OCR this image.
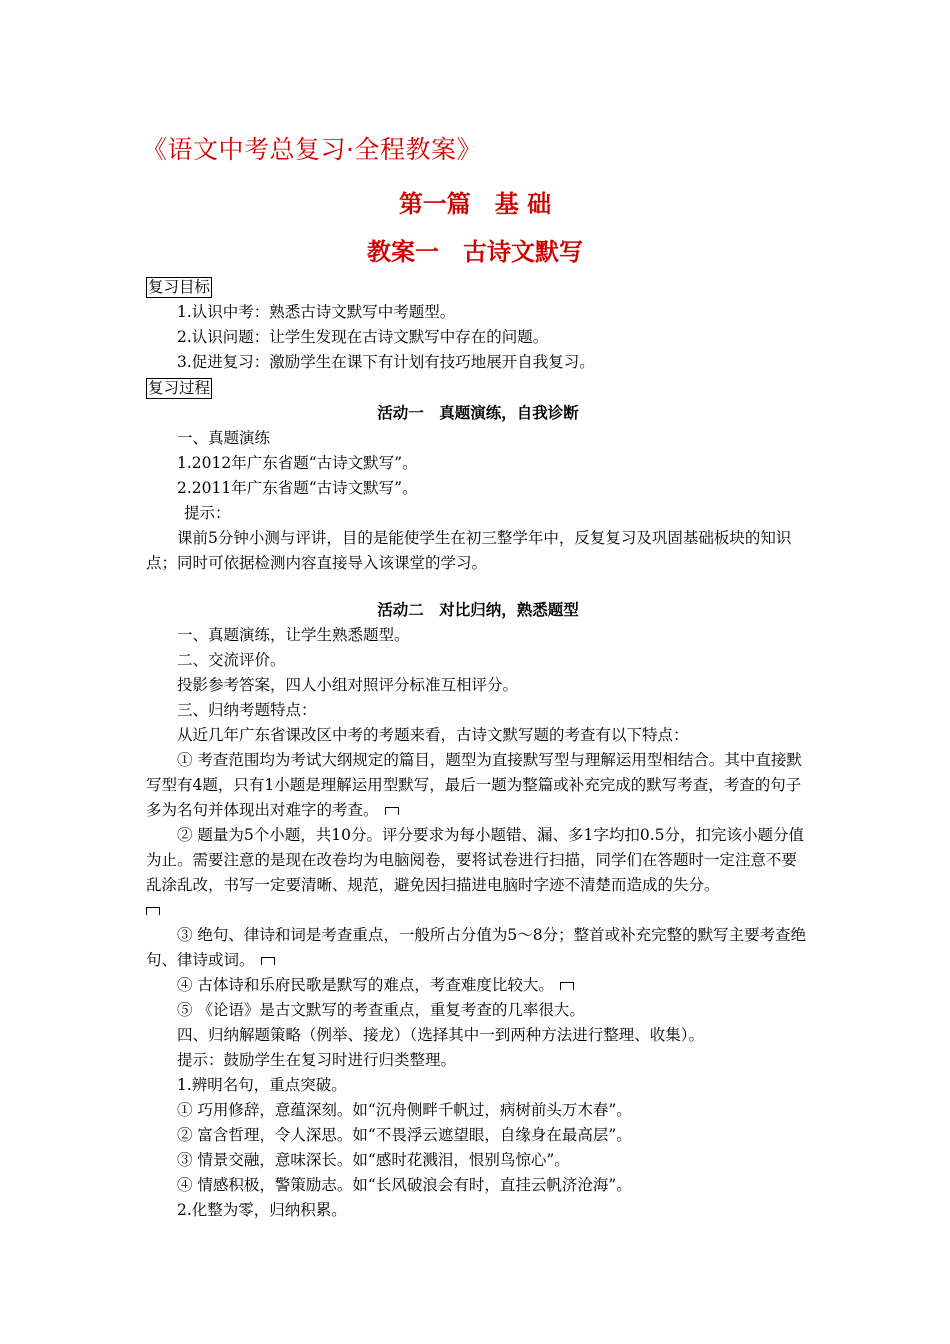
《语文中考总复习·全程教案》
第一篇　基 础
教案一　古诗文默写
复习目标

1.认识中考：熟悉古诗文默写中考题型。

2.认识问题：让学生发现在古诗文默写中存在的问题。

3.促进复习：激励学生在课下有计划有技巧地展开自我复习。

复习过程

活动一　真题演练，自我诊断

一、真题演练

1.2012年广东省题“古诗文默写”。

2.2011年广东省题“古诗文默写”。

提示：

课前5分钟小测与评讲，目的是能使学生在初三整学年中，反复复习及巩固基础板块的知识点；同时可依据检测内容直接导入该课堂的学习。

活动二　对比归纳，熟悉题型

一、真题演练，让学生熟悉题型。

二、交流评价。

投影参考答案，四人小组对照评分标准互相评分。

三、归纳考题特点：

从近几年广东省课改区中考的考题来看，古诗文默写题的考查有以下特点：

① 考查范围均为考试大纲规定的篇目，题型为直接默写型与理解运用型相结合。其中直接默写型有4题，只有1小题是理解运用型默写，最后一题为整篇或补充完成的默写考查，考查的句子多为名句并体现出对难字的考查。

② 题量为5个小题，共10分。评分要求为每小题错、漏、多1字均扣0.5分，扣完该小题分值为止。需要注意的是现在改卷均为电脑阅卷，要将试卷进行扫描，同学们在答题时一定注意不要乱涂乱改，书写一定要清晰、规范，避免因扫描进电脑时字迹不清楚而造成的失分。

③ 绝句、律诗和词是考查重点，一般所占分值为5～8分；整首或补充完整的默写主要考查绝句、律诗或词。

④ 古体诗和乐府民歌是默写的难点，考查难度比较大。

⑤ 《论语》是古文默写的考查重点，重复考查的几率很大。

四、归纳解题策略（例举、接龙）（选择其中一到两种方法进行整理、收集）。

提示：鼓励学生在复习时进行归类整理。

1.辨明名句，重点突破。

① 巧用修辞，意蕴深刻。如“沉舟侧畔千帆过，病树前头万木春”。

② 富含哲理，令人深思。如“不畏浮云遮望眼，自缘身在最高层”。

③ 情景交融，意味深长。如“感时花溅泪，恨别鸟惊心”。

④ 情感积极，警策励志。如“长风破浪会有时，直挂云帆济沧海”。

2.化整为零，归纳积累。
